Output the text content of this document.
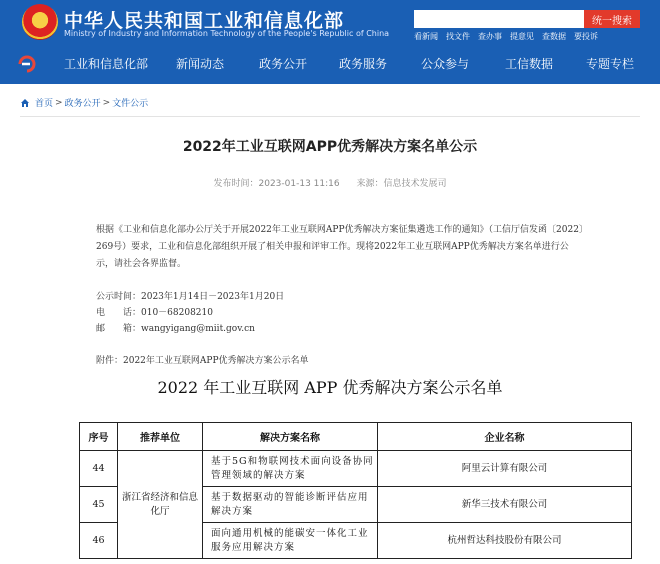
中华人民共和国工业和信息化部
Ministry of Industry and Information Technology of the People's Republic of China
统一搜索
看新闻 找文件 查办事 提意见 查数据 要投诉
工业和信息化部 新闻动态	政务公开	政务服务	公众参与	工信数据	专题专栏
首页 > 政务公开 > 文件公示
2022年工业互联网APP优秀解决方案名单公示
发布时间：2023-01-13 11:16 来源：信息技术发展司
根据《工业和信息化部办公厅关于开展2022年工业互联网APP优秀解决方案征集遴选工作的通知》（工信厅信发函〔2022〕269号）要求，工业和信息化部组织开展了相关申报和评审工作。现将2022年工业互联网APP优秀解决方案名单进行公示，请社会各界监督。
公示时间：2023年1月14日－2023年1月20日
电　　话：010－68208210
邮　　箱：wangyigang@miit.gov.cn
附件：2022年工业互联网APP优秀解决方案公示名单
2022 年工业互联网 APP 优秀解决方案公示名单
序号	推荐单位	解决方案名称	企业名称
44	浙江省经济和信息化厅	基于5G和物联网技术面向设备协同管理领域的解决方案	阿里云计算有限公司
45		基于数据驱动的智能诊断评估应用解决方案	新华三技术有限公司
46		面向通用机械的能碳安一体化工业服务应用解决方案	杭州哲达科技股份有限公司
